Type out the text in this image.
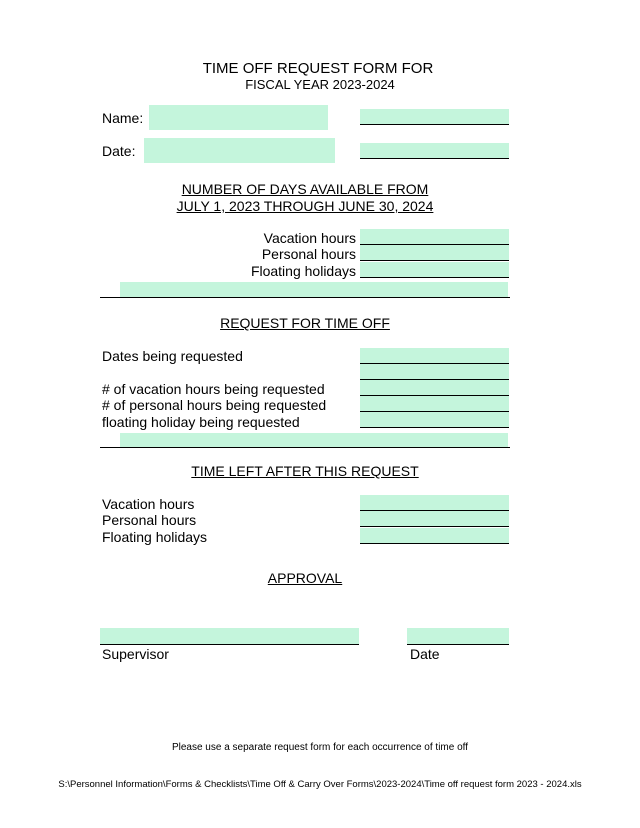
TIME OFF REQUEST FORM FOR
FISCAL YEAR 2023-2024
Name:
Date:
NUMBER OF DAYS AVAILABLE FROM
JULY 1, 2023 THROUGH JUNE 30, 2024
Vacation hours
Personal hours
Floating holidays
REQUEST FOR TIME OFF
Dates being requested
# of vacation hours being requested
# of personal hours being requested
floating holiday being requested
TIME LEFT AFTER THIS REQUEST
Vacation hours
Personal hours
Floating holidays
APPROVAL
Supervisor	Date
Please use a separate request form for each occurrence of time off
S:\Personnel Information\Forms & Checklists\Time Off & Carry Over Forms\2023-2024\Time off request form 2023 - 2024.xls
